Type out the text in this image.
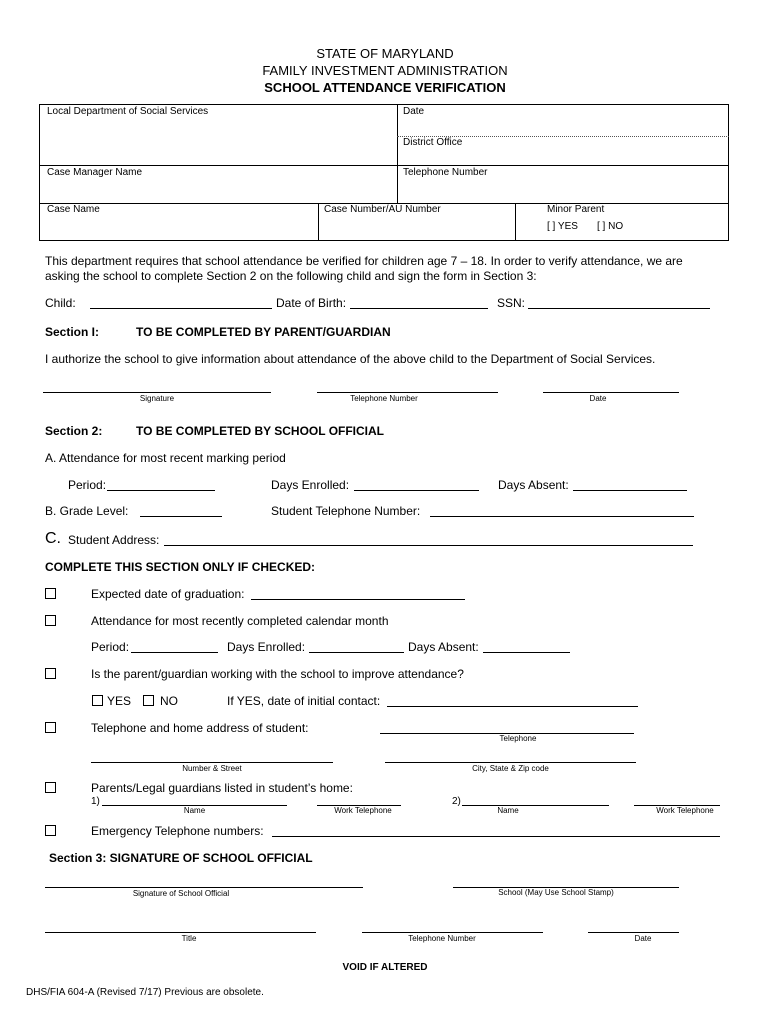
STATE OF MARYLAND
FAMILY INVESTMENT ADMINISTRATION
SCHOOL ATTENDANCE VERIFICATION
Local Department of Social Services	Date
District Office
Case Manager Name	Telephone Number
Case Name	Case Number/AU Number	Minor Parent
[ ] YES [ ] NO
This department requires that school attendance be verified for children age 7 – 18. In order to verify attendance, we are
asking the school to complete Section 2 on the following child and sign the form in Section 3:
Child:	Date of Birth:	SSN:
Section I:	TO BE COMPLETED BY PARENT/GUARDIAN
I authorize the school to give information about attendance of the above child to the Department of Social Services.
Signature	Telephone Number	Date
Section 2:	TO BE COMPLETED BY SCHOOL OFFICIAL
A. Attendance for most recent marking period
Period:	Days Enrolled:	Days Absent:
B. Grade Level:	Student Telephone Number:
C. Student Address:
COMPLETE THIS SECTION ONLY IF CHECKED:
Expected date of graduation:
Attendance for most recently completed calendar month
Period:	Days Enrolled:	Days Absent:
Is the parent/guardian working with the school to improve attendance?
YES NO	If YES, date of initial contact:
Telephone and home address of student:
Telephone
Number & Street	City, State & Zip code
Parents/Legal guardians listed in student’s home:
1)
Name	Work Telephone
2)
Name	Work Telephone
Emergency Telephone numbers:
Section 3: SIGNATURE OF SCHOOL OFFICIAL
Signature of School Official	School (May Use School Stamp)
Title	Telephone Number	Date
VOID IF ALTERED
DHS/FIA 604-A (Revised 7/17) Previous are obsolete.
